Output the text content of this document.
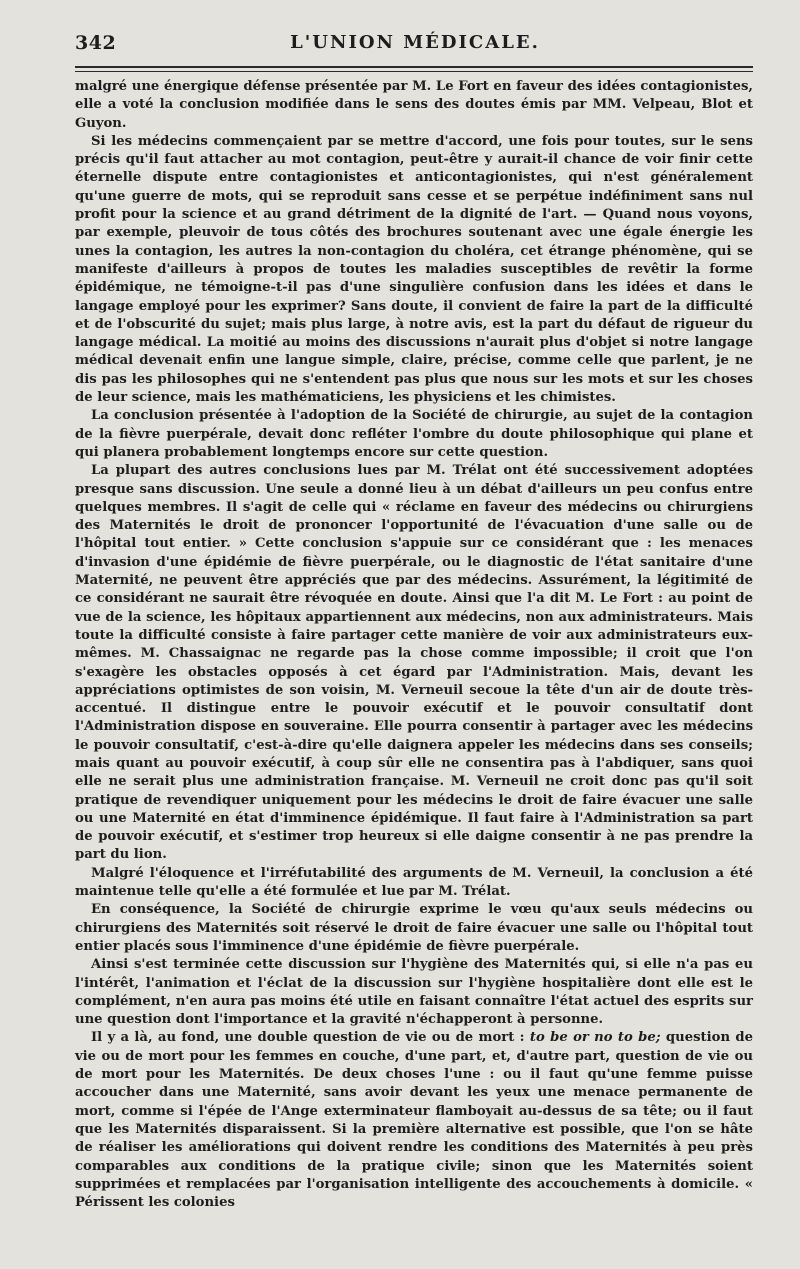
342	L'UNION MÉDICALE.

malgré une énergique défense présentée par M. Le Fort en faveur des idées contagionistes, elle a voté la conclusion modifiée dans le sens des doutes émis par MM. Velpeau, Blot et Guyon.

Si les médecins commençaient par se mettre d'accord, une fois pour toutes, sur le sens précis qu'il faut attacher au mot contagion, peut-être y aurait-il chance de voir finir cette éternelle dispute entre contagionistes et anticontagionistes, qui n'est généralement qu'une guerre de mots, qui se reproduit sans cesse et se perpétue indéfiniment sans nul profit pour la science et au grand détriment de la dignité de l'art. — Quand nous voyons, par exemple, pleuvoir de tous côtés des brochures soutenant avec une égale énergie les unes la contagion, les autres la non-contagion du choléra, cet étrange phénomène, qui se manifeste d'ailleurs à propos de toutes les maladies susceptibles de revêtir la forme épidémique, ne témoigne-t-il pas d'une singulière confusion dans les idées et dans le langage employé pour les exprimer? Sans doute, il convient de faire la part de la difficulté et de l'obscurité du sujet; mais plus large, à notre avis, est la part du défaut de rigueur du langage médical. La moitié au moins des discussions n'aurait plus d'objet si notre langage médical devenait enfin une langue simple, claire, précise, comme celle que parlent, je ne dis pas les philosophes qui ne s'entendent pas plus que nous sur les mots et sur les choses de leur science, mais les mathématiciens, les physiciens et les chimistes.

La conclusion présentée à l'adoption de la Société de chirurgie, au sujet de la contagion de la fièvre puerpérale, devait donc refléter l'ombre du doute philosophique qui plane et qui planera probablement longtemps encore sur cette question.

La plupart des autres conclusions lues par M. Trélat ont été successivement adoptées presque sans discussion. Une seule a donné lieu à un débat d'ailleurs un peu confus entre quelques membres. Il s'agit de celle qui « réclame en faveur des médecins ou chirurgiens des Maternités le droit de prononcer l'opportunité de l'évacuation d'une salle ou de l'hôpital tout entier. » Cette conclusion s'appuie sur ce considérant que : les menaces d'invasion d'une épidémie de fièvre puerpérale, ou le diagnostic de l'état sanitaire d'une Maternité, ne peuvent être appréciés que par des médecins. Assurément, la légitimité de ce considérant ne saurait être révoquée en doute. Ainsi que l'a dit M. Le Fort : au point de vue de la science, les hôpitaux appartiennent aux médecins, non aux administrateurs. Mais toute la difficulté consiste à faire partager cette manière de voir aux administrateurs eux-mêmes. M. Chassaignac ne regarde pas la chose comme impossible; il croit que l'on s'exagère les obstacles opposés à cet égard par l'Administration. Mais, devant les appréciations optimistes de son voisin, M. Verneuil secoue la tête d'un air de doute très-accentué. Il distingue entre le pouvoir exécutif et le pouvoir consultatif dont l'Administration dispose en souveraine. Elle pourra consentir à partager avec les médecins le pouvoir consultatif, c'est-à-dire qu'elle daignera appeler les médecins dans ses conseils; mais quant au pouvoir exécutif, à coup sûr elle ne consentira pas à l'abdiquer, sans quoi elle ne serait plus une administration française. M. Verneuil ne croit donc pas qu'il soit pratique de revendiquer uniquement pour les médecins le droit de faire évacuer une salle ou une Maternité en état d'imminence épidémique. Il faut faire à l'Administration sa part de pouvoir exécutif, et s'estimer trop heureux si elle daigne consentir à ne pas prendre la part du lion.

Malgré l'éloquence et l'irréfutabilité des arguments de M. Verneuil, la conclusion a été maintenue telle qu'elle a été formulée et lue par M. Trélat.

En conséquence, la Société de chirurgie exprime le vœu qu'aux seuls médecins ou chirurgiens des Maternités soit réservé le droit de faire évacuer une salle ou l'hôpital tout entier placés sous l'imminence d'une épidémie de fièvre puerpérale.

Ainsi s'est terminée cette discussion sur l'hygiène des Maternités qui, si elle n'a pas eu l'intérêt, l'animation et l'éclat de la discussion sur l'hygiène hospitalière dont elle est le complément, n'en aura pas moins été utile en faisant connaître l'état actuel des esprits sur une question dont l'importance et la gravité n'échapperont à personne.

Il y a là, au fond, une double question de vie ou de mort : to be or no to be; question de vie ou de mort pour les femmes en couche, d'une part, et, d'autre part, question de vie ou de mort pour les Maternités. De deux choses l'une : ou il faut qu'une femme puisse accoucher dans une Maternité, sans avoir devant les yeux une menace permanente de mort, comme si l'épée de l'Ange exterminateur flamboyait au-dessus de sa tête; ou il faut que les Maternités disparaissent. Si la première alternative est possible, que l'on se hâte de réaliser les améliorations qui doivent rendre les conditions des Maternités à peu près comparables aux conditions de la pratique civile; sinon que les Maternités soient supprimées et remplacées par l'organisation intelligente des accouchements à domicile. « Périssent les colonies
